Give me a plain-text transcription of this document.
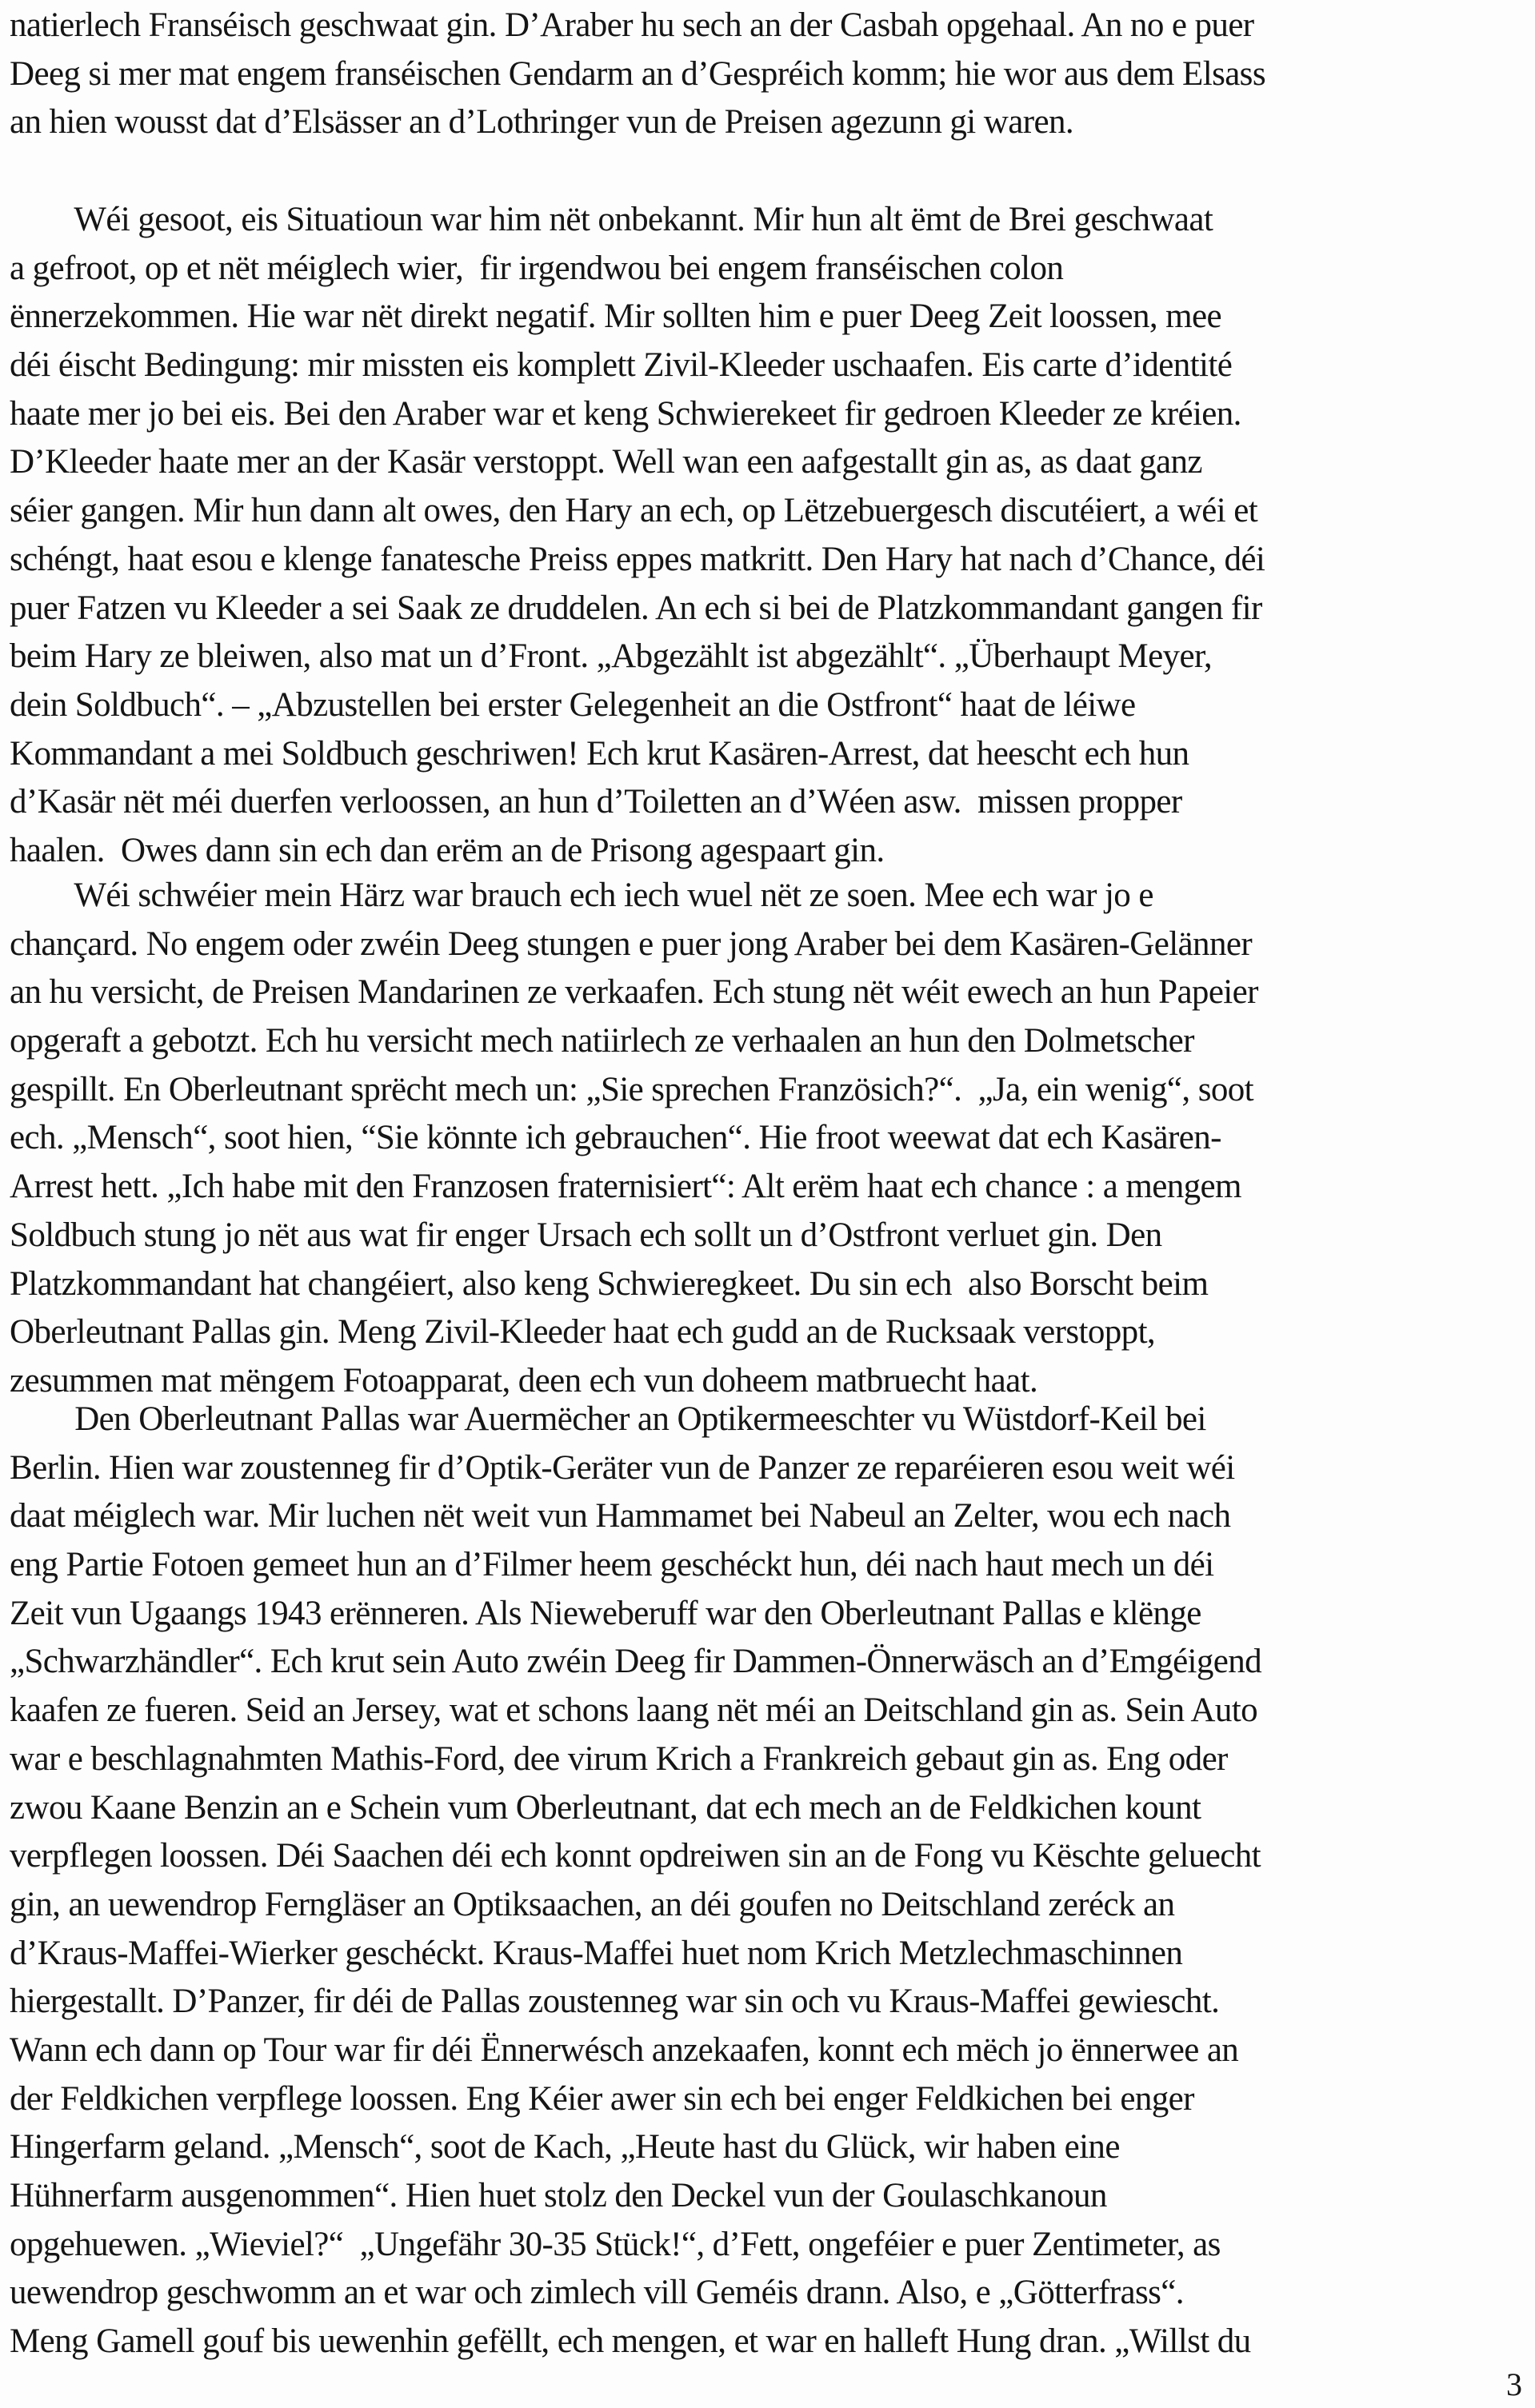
natierlech Franséisch geschwaat gin. D’Araber hu sech an der Casbah opgehaal. An no e puer
Deeg si mer mat engem franséischen Gendarm an d’Gespréich komm; hie wor aus dem Elsass
an hien wousst dat d’Elsässer an d’Lothringer vun de Preisen agezunn gi waren.
Wéi gesoot, eis Situatioun war him nët onbekannt. Mir hun alt ëmt de Brei geschwaat
a gefroot, op et nët méiglech wier,  fir irgendwou bei engem franséischen colon
ënnerzekommen. Hie war nët direkt negatif. Mir sollten him e puer Deeg Zeit loossen, mee
déi éischt Bedingung: mir missten eis komplett Zivil-Kleeder uschaafen. Eis carte d’identité
haate mer jo bei eis. Bei den Araber war et keng Schwierekeet fir gedroen Kleeder ze kréien.
D’Kleeder haate mer an der Kasär verstoppt. Well wan een aafgestallt gin as, as daat ganz
séier gangen. Mir hun dann alt owes, den Hary an ech, op Lëtzebuergesch discutéiert, a wéi et
schéngt, haat esou e klenge fanatesche Preiss eppes matkritt. Den Hary hat nach d’Chance, déi
puer Fatzen vu Kleeder a sei Saak ze druddelen. An ech si bei de Platzkommandant gangen fir
beim Hary ze bleiwen, also mat un d’Front. „Abgezählt ist abgezählt“. „Überhaupt Meyer,
dein Soldbuch“. – „Abzustellen bei erster Gelegenheit an die Ostfront“ haat de léiwe
Kommandant a mei Soldbuch geschriwen! Ech krut Kasären-Arrest, dat heescht ech hun
d’Kasär nët méi duerfen verloossen, an hun d’Toiletten an d’Wéen asw.  missen propper
haalen.  Owes dann sin ech dan erëm an de Prisong agespaart gin.
Wéi schwéier mein Härz war brauch ech iech wuel nët ze soen. Mee ech war jo e
chançard. No engem oder zwéin Deeg stungen e puer jong Araber bei dem Kasären-Gelänner
an hu versicht, de Preisen Mandarinen ze verkaafen. Ech stung nët wéit ewech an hun Papeier
opgeraft a gebotzt. Ech hu versicht mech natiirlech ze verhaalen an hun den Dolmetscher
gespillt. En Oberleutnant sprëcht mech un: „Sie sprechen Französich?“.  „Ja, ein wenig“, soot
ech. „Mensch“, soot hien, “Sie könnte ich gebrauchen“. Hie froot weewat dat ech Kasären-
Arrest hett. „Ich habe mit den Franzosen fraternisiert“: Alt erëm haat ech chance : a mengem
Soldbuch stung jo nët aus wat fir enger Ursach ech sollt un d’Ostfront verluet gin. Den
Platzkommandant hat changéiert, also keng Schwieregkeet. Du sin ech  also Borscht beim
Oberleutnant Pallas gin. Meng Zivil-Kleeder haat ech gudd an de Rucksaak verstoppt,
zesummen mat mëngem Fotoapparat, deen ech vun doheem matbruecht haat.
Den Oberleutnant Pallas war Auermëcher an Optikermeeschter vu Wüstdorf-Keil bei
Berlin. Hien war zoustenneg fir d’Optik-Geräter vun de Panzer ze reparéieren esou weit wéi
daat méiglech war. Mir luchen nët weit vun Hammamet bei Nabeul an Zelter, wou ech nach
eng Partie Fotoen gemeet hun an d’Filmer heem geschéckt hun, déi nach haut mech un déi
Zeit vun Ugaangs 1943 erënneren. Als Nieweberuff war den Oberleutnant Pallas e klënge
„Schwarzhändler“. Ech krut sein Auto zwéin Deeg fir Dammen-Önnerwäsch an d’Emgéigend
kaafen ze fueren. Seid an Jersey, wat et schons laang nët méi an Deitschland gin as. Sein Auto
war e beschlagnahmten Mathis-Ford, dee virum Krich a Frankreich gebaut gin as. Eng oder
zwou Kaane Benzin an e Schein vum Oberleutnant, dat ech mech an de Feldkichen kount
verpflegen loossen. Déi Saachen déi ech konnt opdreiwen sin an de Fong vu Këschte geluecht
gin, an uewendrop Ferngläser an Optiksaachen, an déi goufen no Deitschland zeréck an
d’Kraus-Maffei-Wierker geschéckt. Kraus-Maffei huet nom Krich Metzlechmaschinnen
hiergestallt. D’Panzer, fir déi de Pallas zoustenneg war sin och vu Kraus-Maffei gewiescht.
Wann ech dann op Tour war fir déi Ënnerwésch anzekaafen, konnt ech mëch jo ënnerwee an
der Feldkichen verpflege loossen. Eng Kéier awer sin ech bei enger Feldkichen bei enger
Hingerfarm geland. „Mensch“, soot de Kach, „Heute hast du Glück, wir haben eine
Hühnerfarm ausgenommen“. Hien huet stolz den Deckel vun der Goulaschkanoun
opgehuewen. „Wieviel?“  „Ungefähr 30-35 Stück!“, d’Fett, ongeféier e puer Zentimeter, as
uewendrop geschwomm an et war och zimlech vill Geméis drann. Also, e „Götterfrass“.
Meng Gamell gouf bis uewenhin gefëllt, ech mengen, et war en halleft Hung dran. „Willst du
3
